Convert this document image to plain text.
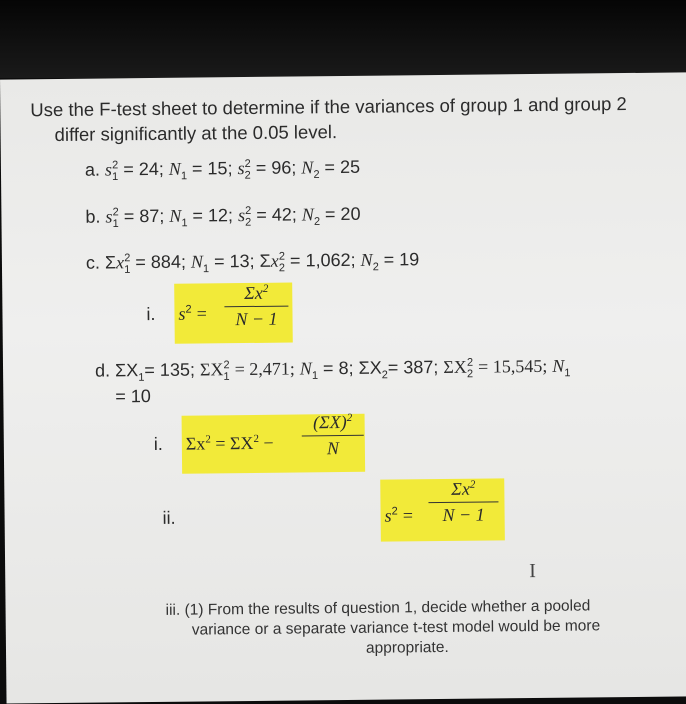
Use the F-test sheet to determine if the variances of group 1 and group 2
differ significantly at the 0.05 level.
a. $s_1^2 = 24$; $N_1 = 15$; $s_2^2 = 96$; $N_2 = 25$
b. $s_1^2 = 87$; $N_1 = 12$; $s_2^2 = 42$; $N_2 = 20$
c. $\Sigma x_1^2 = 884$; $N_1 = 13$; $\Sigma x_2^2 = 1,062$; $N_2 = 19$
i. $s^2$ =
$\Sigma x^2$
N − 1
d. $\Sigma X_1= 135$; $\Sigma X_1^2 = 2,471$; $N_1 = 8$; $\Sigma X_2= 387$; $\Sigma X_2^2 = 15,545$; $N_1$
= 10
i. $\Sigma x^2 = \Sigma X^2$ −
$(\Sigma X)^2$
N
ii.	$s^2$ =
$\Sigma x^2$
N − 1
I
iii. (1) From the results of question 1, decide whether a pooled
variance or a separate variance t-test model would be more
appropriate.
